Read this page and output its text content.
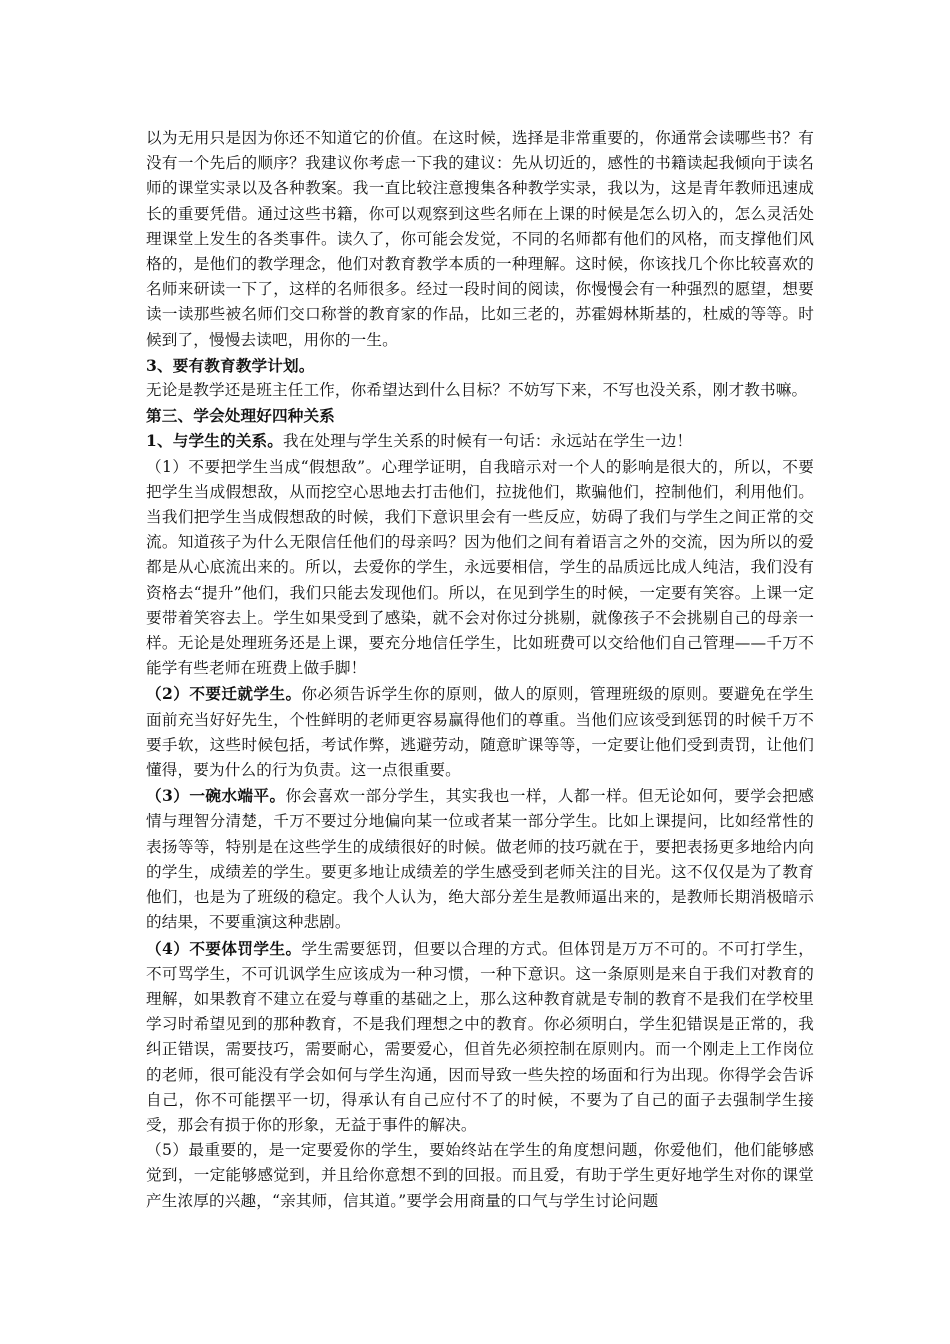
以为无用只是因为你还不知道它的价值。在这时候，选择是非常重要的，你通常会读哪些书？有没有一个先后的顺序？我建议你考虑一下我的建议：先从切近的，感性的书籍读起我倾向于读名师的课堂实录以及各种教案。我一直比较注意搜集各种教学实录，我以为，这是青年教师迅速成长的重要凭借。通过这些书籍，你可以观察到这些名师在上课的时候是怎么切入的，怎么灵活处理课堂上发生的各类事件。读久了，你可能会发觉，不同的名师都有他们的风格，而支撑他们风格的，是他们的教学理念，他们对教育教学本质的一种理解。这时候，你该找几个你比较喜欢的名师来研读一下了，这样的名师很多。经过一段时间的阅读，你慢慢会有一种强烈的愿望，想要读一读那些被名师们交口称誉的教育家的作品，比如三老的，苏霍姆林斯基的，杜威的等等。时候到了，慢慢去读吧，用你的一生。

3、要有教育教学计划。

无论是教学还是班主任工作，你希望达到什么目标？不妨写下来，不写也没关系，刚才教书嘛。

第三、学会处理好四种关系

1、与学生的关系。我在处理与学生关系的时候有一句话：永远站在学生一边！

（1）不要把学生当成“假想敌”。心理学证明，自我暗示对一个人的影响是很大的，所以，不要把学生当成假想敌，从而挖空心思地去打击他们，拉拢他们，欺骗他们，控制他们，利用他们。当我们把学生当成假想敌的时候，我们下意识里会有一些反应，妨碍了我们与学生之间正常的交流。知道孩子为什么无限信任他们的母亲吗？因为他们之间有着语言之外的交流，因为所以的爱都是从心底流出来的。所以，去爱你的学生，永远要相信，学生的品质远比成人纯洁，我们没有资格去“提升”他们，我们只能去发现他们。所以，在见到学生的时候，一定要有笑容。上课一定要带着笑容去上。学生如果受到了感染，就不会对你过分挑剔，就像孩子不会挑剔自己的母亲一样。无论是处理班务还是上课，要充分地信任学生，比如班费可以交给他们自己管理——千万不能学有些老师在班费上做手脚！

（2）不要迁就学生。你必须告诉学生你的原则，做人的原则，管理班级的原则。要避免在学生面前充当好好先生，个性鲜明的老师更容易赢得他们的尊重。当他们应该受到惩罚的时候千万不要手软，这些时候包括，考试作弊，逃避劳动，随意旷课等等，一定要让他们受到责罚，让他们懂得，要为什么的行为负责。这一点很重要。

（3）一碗水端平。你会喜欢一部分学生，其实我也一样，人都一样。但无论如何，要学会把感情与理智分清楚，千万不要过分地偏向某一位或者某一部分学生。比如上课提问，比如经常性的表扬等等，特别是在这些学生的成绩很好的时候。做老师的技巧就在于，要把表扬更多地给内向的学生，成绩差的学生。要更多地让成绩差的学生感受到老师关注的目光。这不仅仅是为了教育他们，也是为了班级的稳定。我个人认为，绝大部分差生是教师逼出来的，是教师长期消极暗示的结果，不要重演这种悲剧。

（4）不要体罚学生。学生需要惩罚，但要以合理的方式。但体罚是万万不可的。不可打学生，不可骂学生，不可讥讽学生应该成为一种习惯，一种下意识。这一条原则是来自于我们对教育的理解，如果教育不建立在爱与尊重的基础之上，那么这种教育就是专制的教育不是我们在学校里学习时希望见到的那种教育，不是我们理想之中的教育。你必须明白，学生犯错误是正常的，我纠正错误，需要技巧，需要耐心，需要爱心，但首先必须控制在原则内。而一个刚走上工作岗位的老师，很可能没有学会如何与学生沟通，因而导致一些失控的场面和行为出现。你得学会告诉自己，你不可能摆平一切，得承认有自己应付不了的时候，不要为了自己的面子去强制学生接受，那会有损于你的形象，无益于事件的解决。

（5）最重要的，是一定要爱你的学生，要始终站在学生的角度想问题，你爱他们，他们能够感觉到，一定能够感觉到，并且给你意想不到的回报。而且爱，有助于学生更好地学生对你的课堂产生浓厚的兴趣，“亲其师，信其道。”要学会用商量的口气与学生讨论问题
